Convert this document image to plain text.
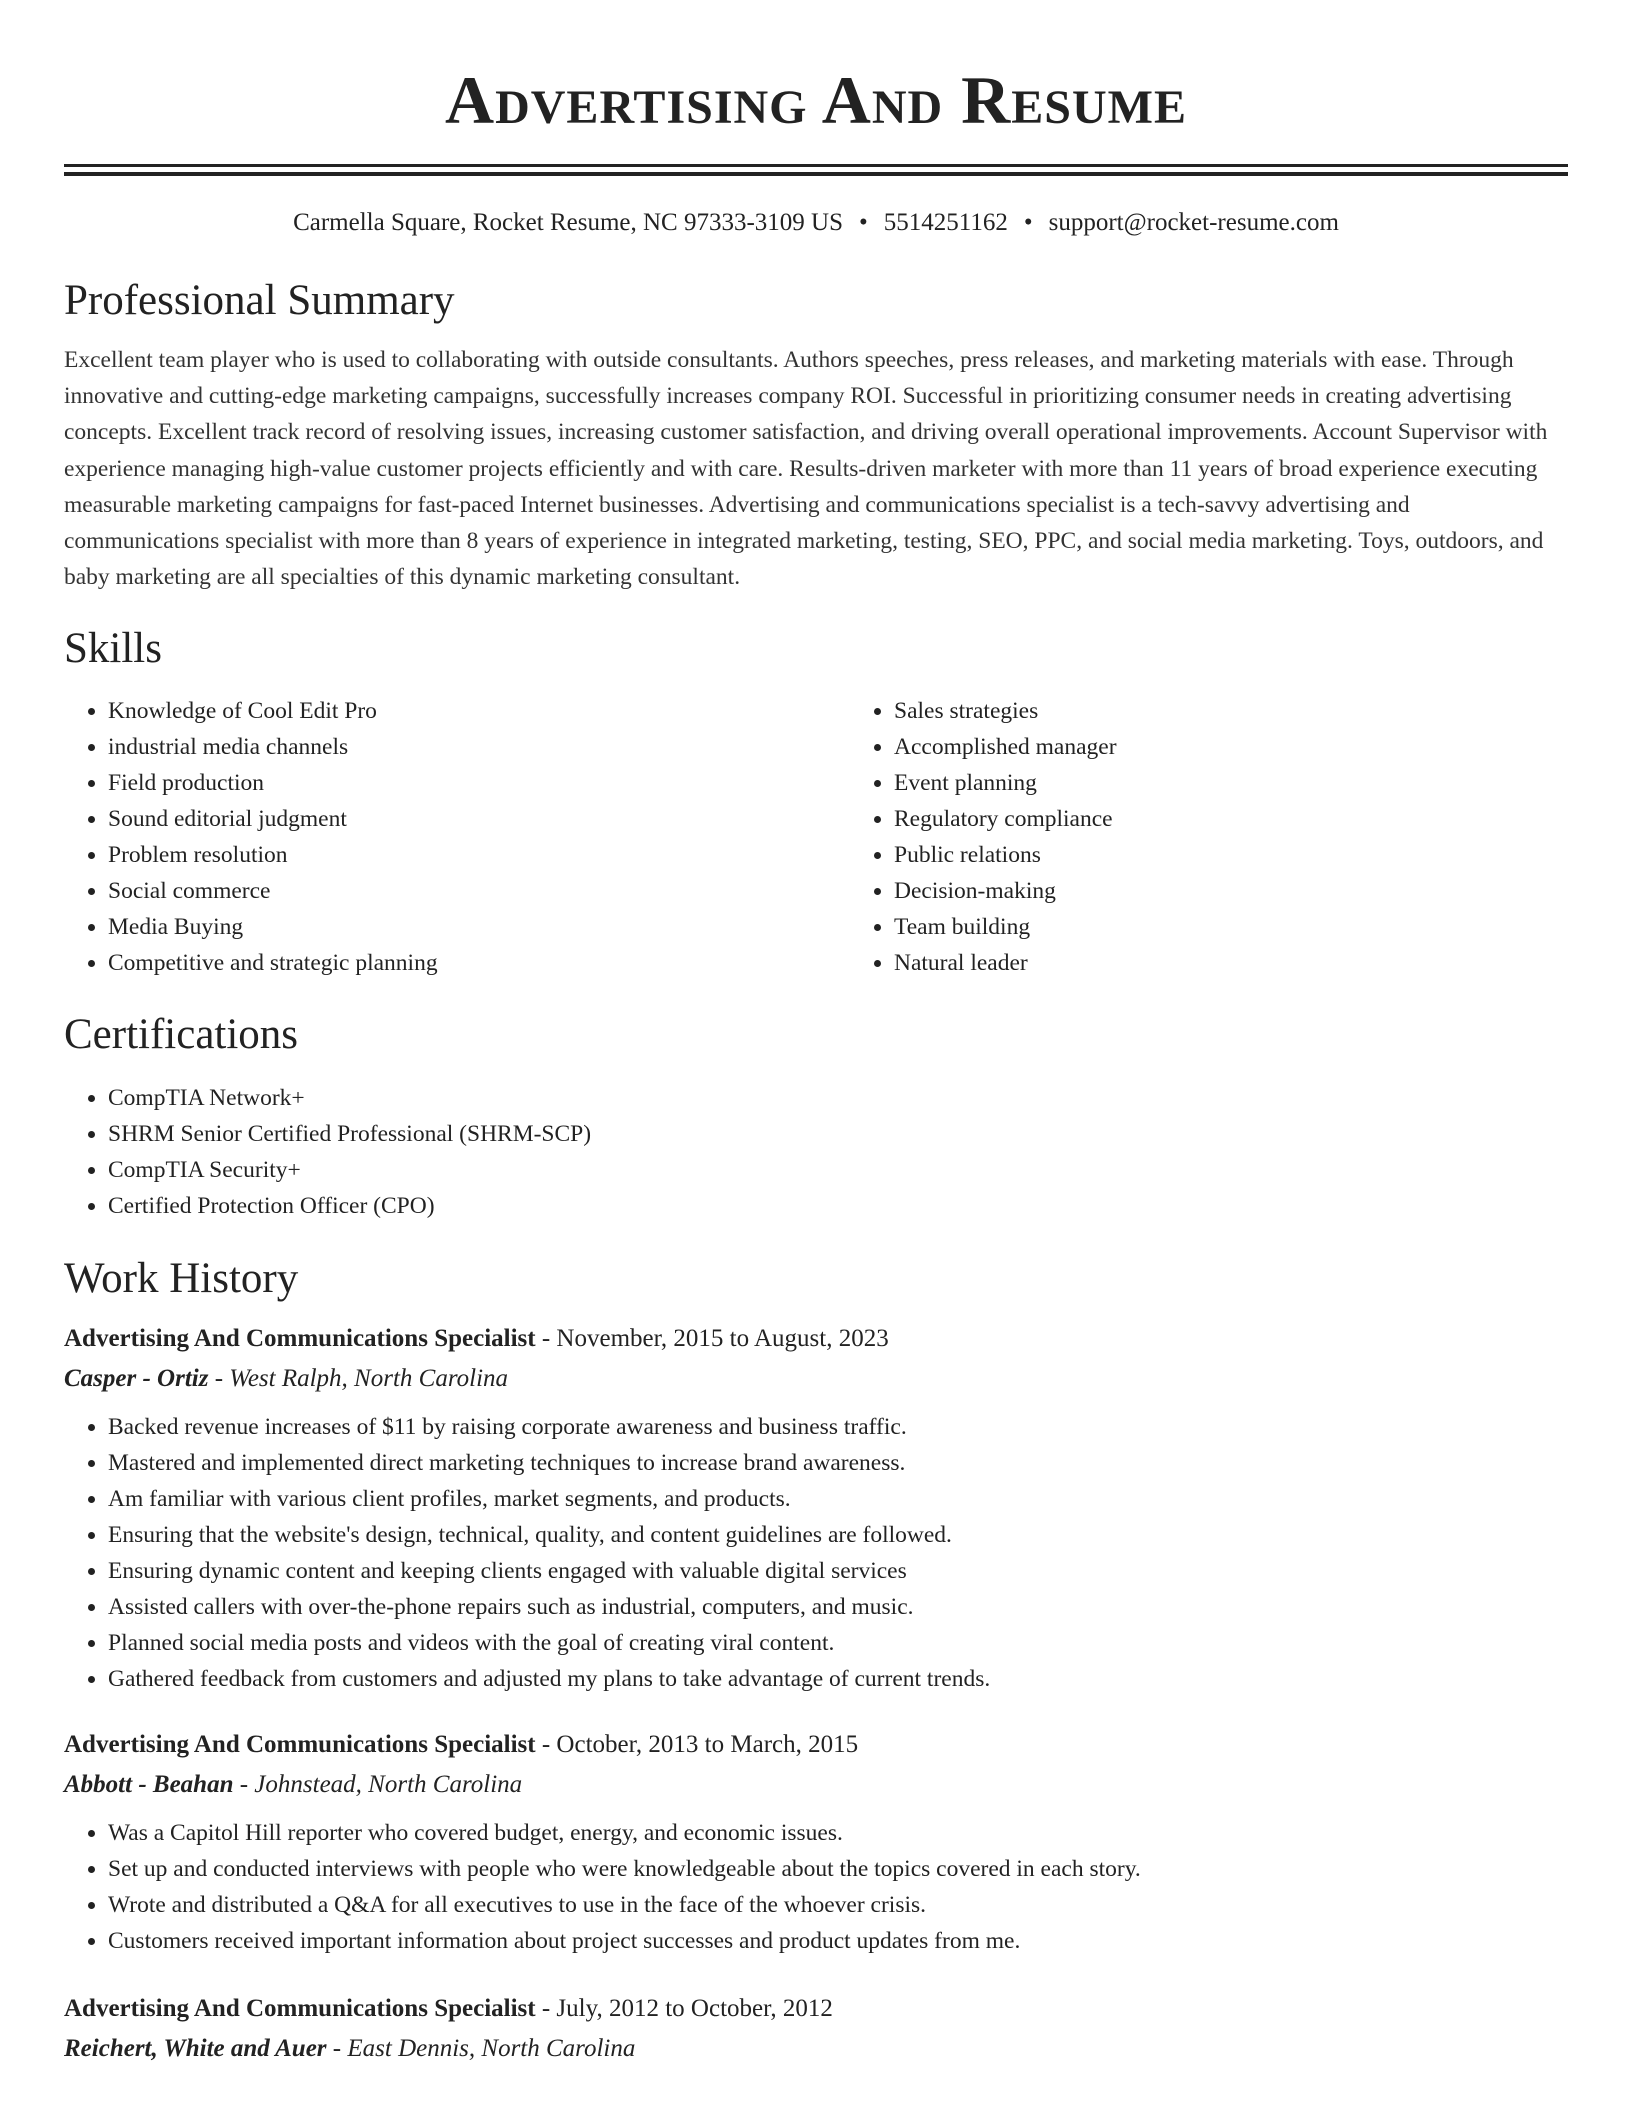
Advertising And Resume
Carmella Square, Rocket Resume, NC 97333-3109 US • 5514251162 • support@rocket-resume.com
Professional Summary
Excellent team player who is used to collaborating with outside consultants. Authors speeches, press releases, and marketing materials with ease. Through innovative and cutting-edge marketing campaigns, successfully increases company ROI. Successful in prioritizing consumer needs in creating advertising concepts. Excellent track record of resolving issues, increasing customer satisfaction, and driving overall operational improvements. Account Supervisor with experience managing high-value customer projects efficiently and with care. Results-driven marketer with more than 11 years of broad experience executing measurable marketing campaigns for fast-paced Internet businesses. Advertising and communications specialist is a tech-savvy advertising and communications specialist with more than 8 years of experience in integrated marketing, testing, SEO, PPC, and social media marketing. Toys, outdoors, and baby marketing are all specialties of this dynamic marketing consultant.
Skills
• Knowledge of Cool Edit Pro
• industrial media channels
• Field production
• Sound editorial judgment
• Problem resolution
• Social commerce
• Media Buying
• Competitive and strategic planning
• Sales strategies
• Accomplished manager
• Event planning
• Regulatory compliance
• Public relations
• Decision-making
• Team building
• Natural leader
Certifications
• CompTIA Network+
• SHRM Senior Certified Professional (SHRM-SCP)
• CompTIA Security+
• Certified Protection Officer (CPO)
Work History
Advertising And Communications Specialist - November, 2015 to August, 2023
Casper - Ortiz - West Ralph, North Carolina
• Backed revenue increases of $11 by raising corporate awareness and business traffic.
• Mastered and implemented direct marketing techniques to increase brand awareness.
• Am familiar with various client profiles, market segments, and products.
• Ensuring that the website's design, technical, quality, and content guidelines are followed.
• Ensuring dynamic content and keeping clients engaged with valuable digital services
• Assisted callers with over-the-phone repairs such as industrial, computers, and music.
• Planned social media posts and videos with the goal of creating viral content.
• Gathered feedback from customers and adjusted my plans to take advantage of current trends.
Advertising And Communications Specialist - October, 2013 to March, 2015
Abbott - Beahan - Johnstead, North Carolina
• Was a Capitol Hill reporter who covered budget, energy, and economic issues.
• Set up and conducted interviews with people who were knowledgeable about the topics covered in each story.
• Wrote and distributed a Q&A for all executives to use in the face of the whoever crisis.
• Customers received important information about project successes and product updates from me.
Advertising And Communications Specialist - July, 2012 to October, 2012
Reichert, White and Auer - East Dennis, North Carolina
